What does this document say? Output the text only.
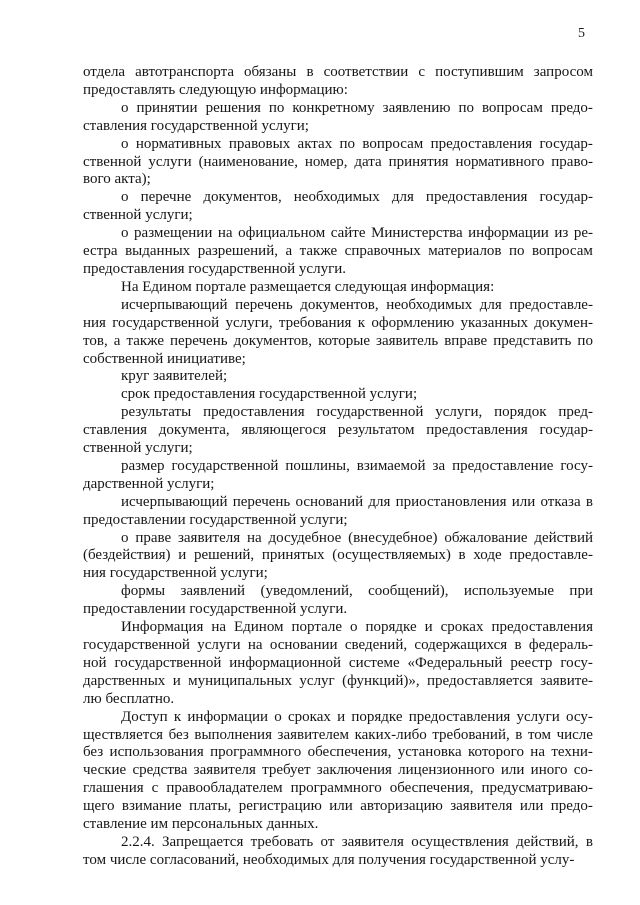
5
отдела автотранспорта обязаны в соответствии с поступившим запросом
предоставлять следующую информацию:
о принятии решения по конкретному заявлению по вопросам предо-
ставления государственной услуги;
о нормативных правовых актах по вопросам предоставления государ-
ственной услуги (наименование, номер, дата принятия нормативного право-
вого акта);
о перечне документов, необходимых для предоставления государ-
ственной услуги;
о размещении на официальном сайте Министерства информации из ре-
естра выданных разрешений, а также справочных материалов по вопросам
предоставления государственной услуги.
На Едином портале размещается следующая информация:
исчерпывающий перечень документов, необходимых для предоставле-
ния государственной услуги, требования к оформлению указанных докумен-
тов, а также перечень документов, которые заявитель вправе представить по
собственной инициативе;
круг заявителей;
срок предоставления государственной услуги;
результаты предоставления государственной услуги, порядок пред-
ставления документа, являющегося результатом предоставления государ-
ственной услуги;
размер государственной пошлины, взимаемой за предоставление госу-
дарственной услуги;
исчерпывающий перечень оснований для приостановления или отказа в
предоставлении государственной услуги;
о праве заявителя на досудебное (внесудебное) обжалование действий
(бездействия) и решений, принятых (осуществляемых) в ходе предоставле-
ния государственной услуги;
формы заявлений (уведомлений, сообщений), используемые при
предоставлении государственной услуги.
Информация на Едином портале о порядке и сроках предоставления
государственной услуги на основании сведений, содержащихся в федераль-
ной государственной информационной системе «Федеральный реестр госу-
дарственных и муниципальных услуг (функций)», предоставляется заявите-
лю бесплатно.
Доступ к информации о сроках и порядке предоставления услуги осу-
ществляется без выполнения заявителем каких-либо требований, в том числе
без использования программного обеспечения, установка которого на техни-
ческие средства заявителя требует заключения лицензионного или иного со-
глашения с правообладателем программного обеспечения, предусматриваю-
щего взимание платы, регистрацию или авторизацию заявителя или предо-
ставление им персональных данных.
2.2.4. Запрещается требовать от заявителя осуществления действий, в
том числе согласований, необходимых для получения государственной услу-
